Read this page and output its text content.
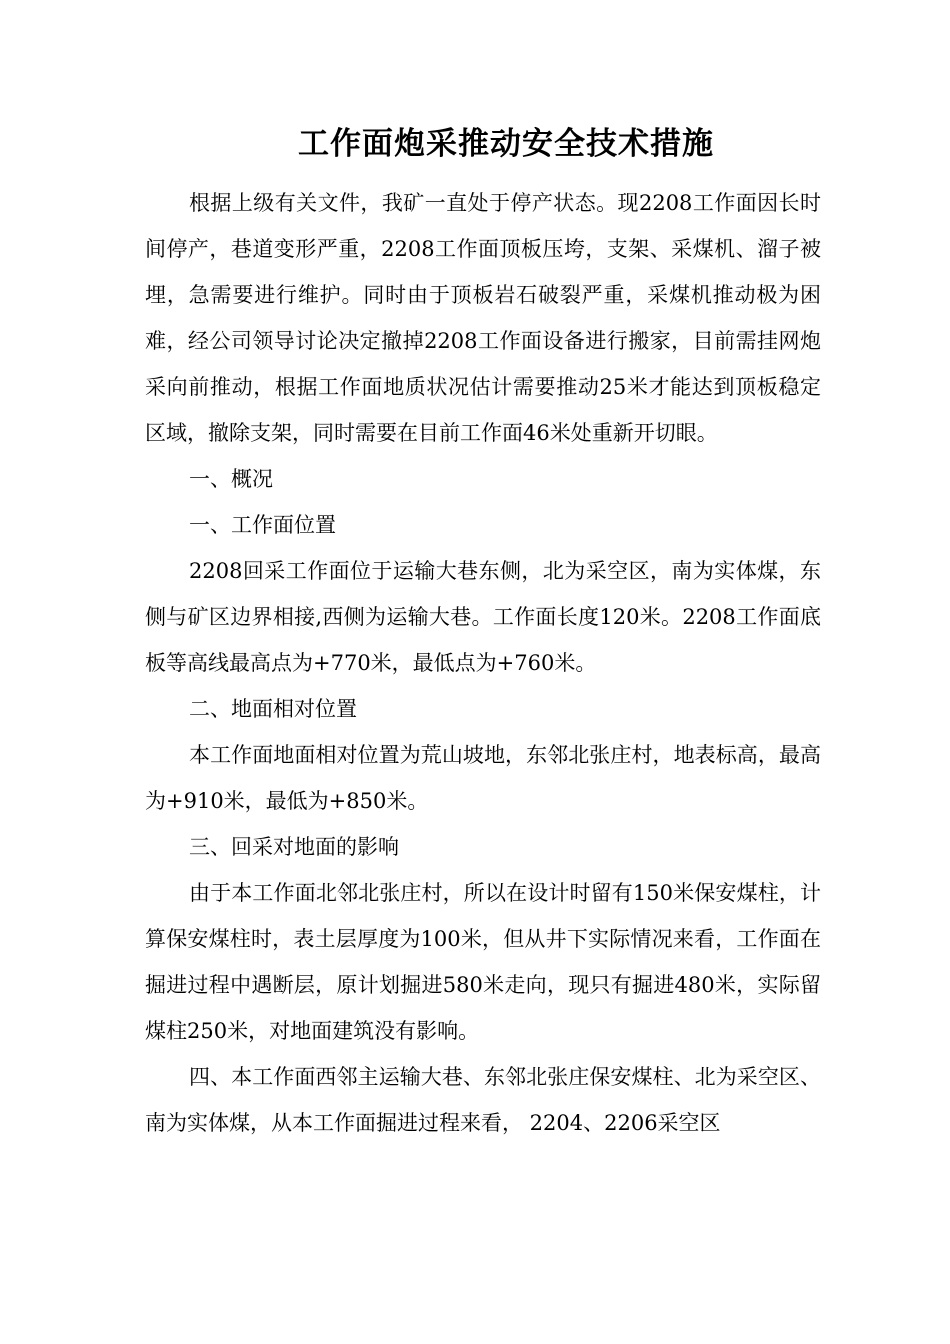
工作面炮采推动安全技术措施

根据上级有关文件，我矿一直处于停产状态。现2208工作面因长时间停产，巷道变形严重，2208工作面顶板压垮，支架、采煤机、溜子被埋，急需要进行维护。同时由于顶板岩石破裂严重，采煤机推动极为困难，经公司领导讨论决定撤掉2208工作面设备进行搬家，目前需挂网炮采向前推动，根据工作面地质状况估计需要推动25米才能达到顶板稳定区域，撤除支架，同时需要在目前工作面46米处重新开切眼。

一、概况

一、工作面位置

2208回采工作面位于运输大巷东侧，北为采空区，南为实体煤，东侧与矿区边界相接,西侧为运输大巷。工作面长度120米。2208工作面底板等高线最高点为+770米，最低点为+760米。

二、地面相对位置

本工作面地面相对位置为荒山坡地，东邻北张庄村，地表标高，最高为+910米，最低为+850米。

三、回采对地面的影响

由于本工作面北邻北张庄村，所以在设计时留有150米保安煤柱，计算保安煤柱时，表土层厚度为100米，但从井下实际情况来看，工作面在掘进过程中遇断层，原计划掘进580米走向，现只有掘进480米，实际留煤柱250米，对地面建筑没有影响。

四、本工作面西邻主运输大巷、东邻北张庄保安煤柱、北为采空区、南为实体煤，从本工作面掘进过程来看， 2204、2206采空区
